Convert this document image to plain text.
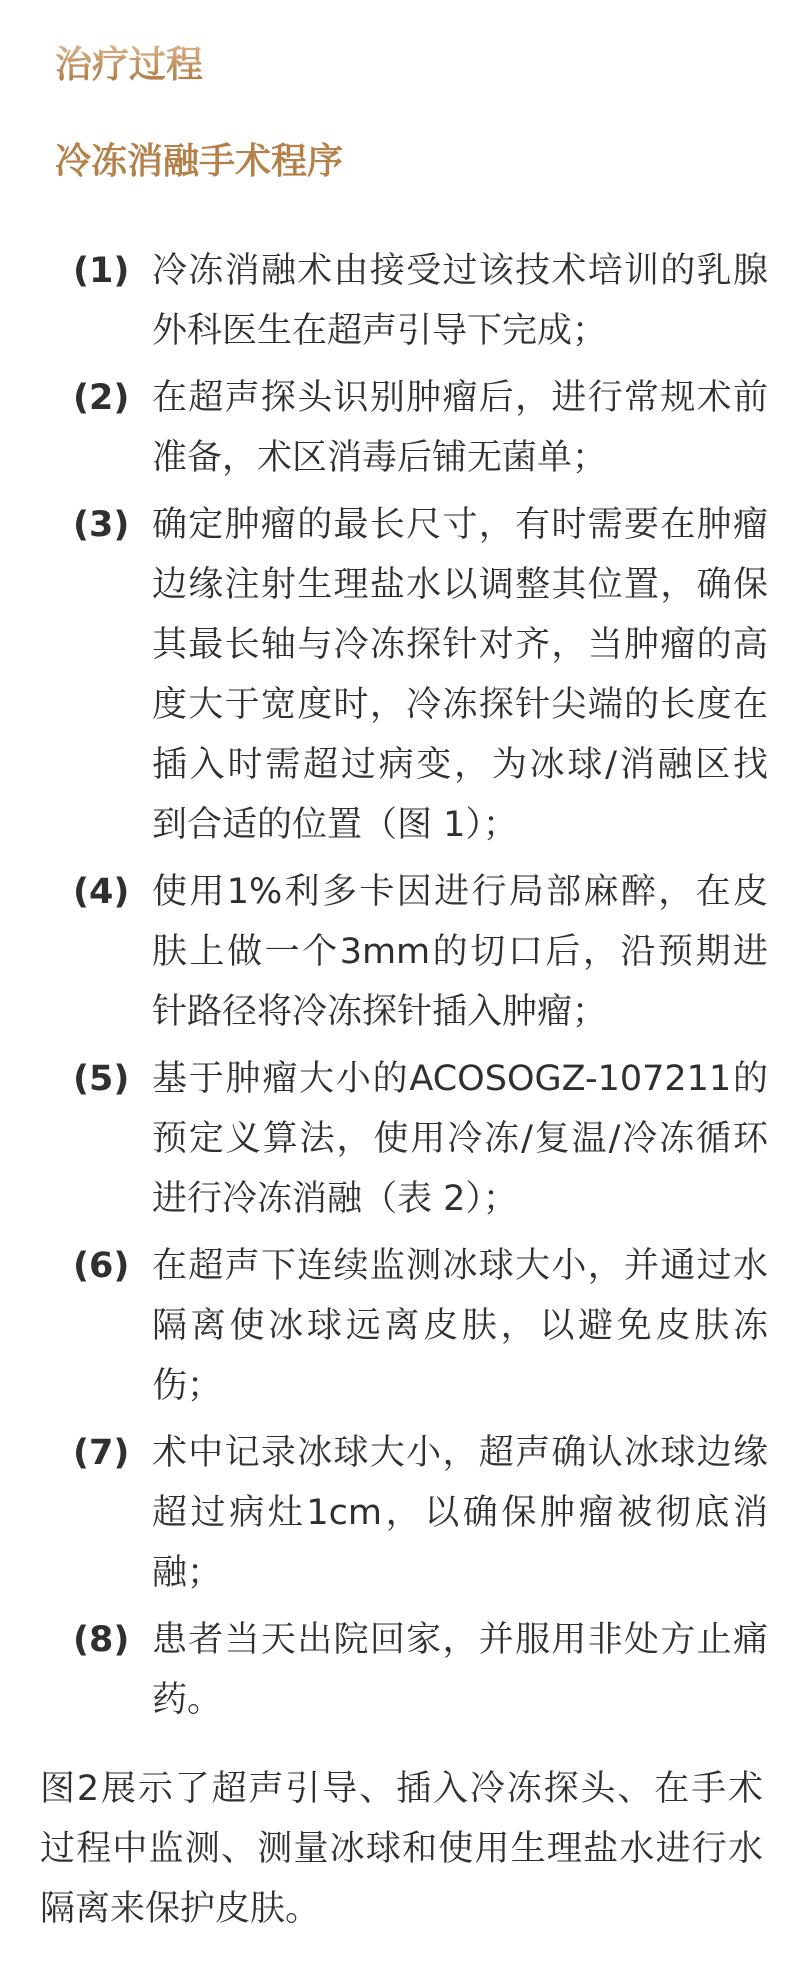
治疗过程
冷冻消融手术程序
(1) 冷冻消融术由接受过该技术培训的乳腺
外科医生在超声引导下完成；
(2) 在超声探头识别肿瘤后，进行常规术前
准备，术区消毒后铺无菌单；
(3) 确定肿瘤的最长尺寸，有时需要在肿瘤
边缘注射生理盐水以调整其位置，确保
其最长轴与冷冻探针对齐，当肿瘤的高
度大于宽度时，冷冻探针尖端的长度在
插入时需超过病变，为冰球/消融区找
到合适的位置（图 1）；
(4) 使用1%利多卡因进行局部麻醉，在皮
肤上做一个3mm的切口后，沿预期进
针路径将冷冻探针插入肿瘤；
(5) 基于肿瘤大小的ACOSOGZ-107211的
预定义算法，使用冷冻/复温/冷冻循环
进行冷冻消融（表 2）；
(6) 在超声下连续监测冰球大小，并通过水
隔离使冰球远离皮肤，以避免皮肤冻
伤；
(7) 术中记录冰球大小，超声确认冰球边缘
超过病灶1cm，以确保肿瘤被彻底消
融；
(8) 患者当天出院回家，并服用非处方止痛
药。
图2展示了超声引导、插入冷冻探头、在手术
过程中监测、测量冰球和使用生理盐水进行水
隔离来保护皮肤。
